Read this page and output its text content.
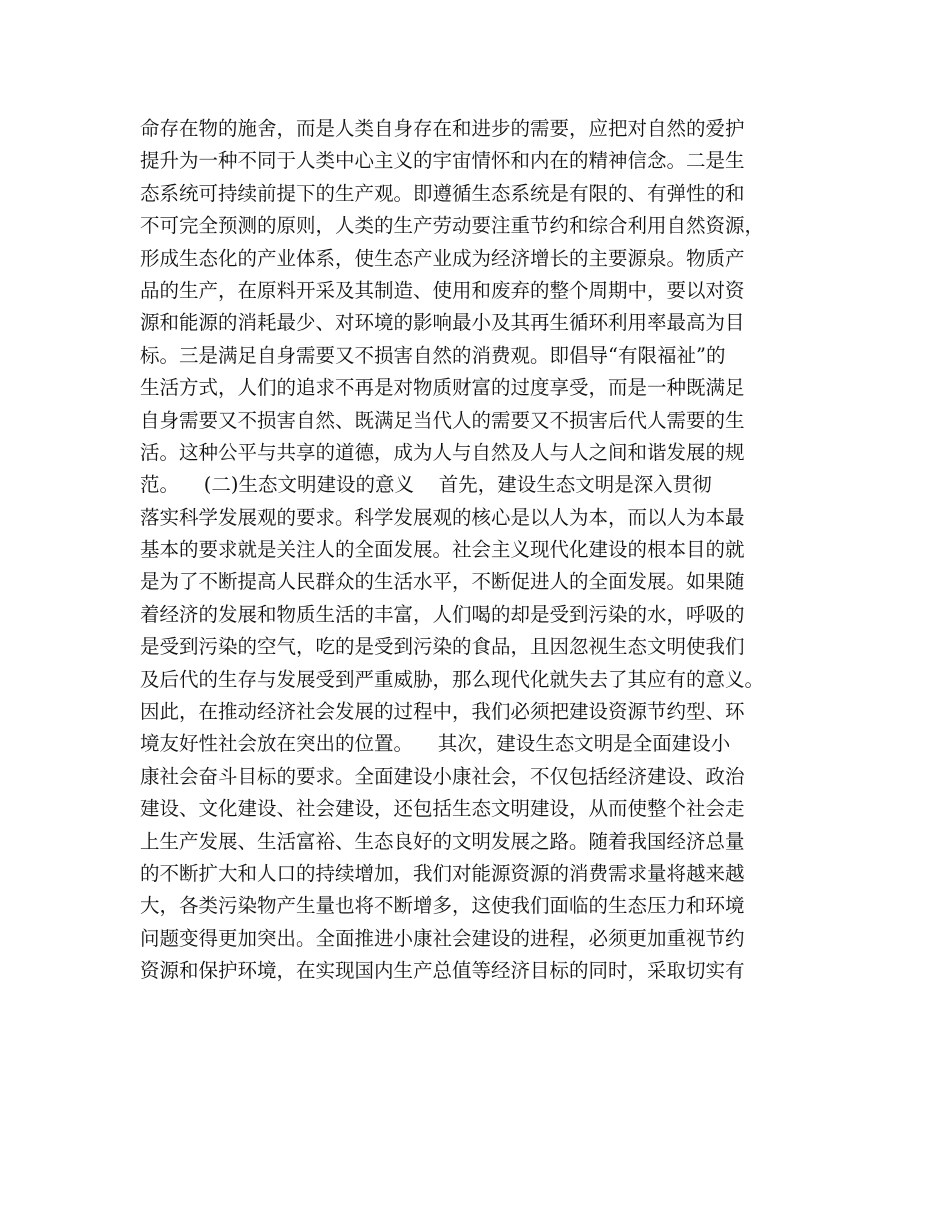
命存在物的施舍，而是人类自身存在和进步的需要，应把对自然的爱护
提升为一种不同于人类中心主义的宇宙情怀和内在的精神信念。二是生
态系统可持续前提下的生产观。即遵循生态系统是有限的、有弹性的和
不可完全预测的原则，人类的生产劳动要注重节约和综合利用自然资源，
形成生态化的产业体系，使生态产业成为经济增长的主要源泉。物质产
品的生产，在原料开采及其制造、使用和废弃的整个周期中，要以对资
源和能源的消耗最少、对环境的影响最小及其再生循环利用率最高为目
标。三是满足自身需要又不损害自然的消费观。即倡导“有限福祉”的
生活方式，人们的追求不再是对物质财富的过度享受，而是一种既满足
自身需要又不损害自然、既满足当代人的需要又不损害后代人需要的生
活。这种公平与共享的道德，成为人与自然及人与人之间和谐发展的规
范。    (二)生态文明建设的意义    首先，建设生态文明是深入贯彻
落实科学发展观的要求。科学发展观的核心是以人为本，而以人为本最
基本的要求就是关注人的全面发展。社会主义现代化建设的根本目的就
是为了不断提高人民群众的生活水平，不断促进人的全面发展。如果随
着经济的发展和物质生活的丰富，人们喝的却是受到污染的水，呼吸的
是受到污染的空气，吃的是受到污染的食品，且因忽视生态文明使我们
及后代的生存与发展受到严重威胁，那么现代化就失去了其应有的意义。
因此，在推动经济社会发展的过程中，我们必须把建设资源节约型、环
境友好性社会放在突出的位置。    其次，建设生态文明是全面建设小
康社会奋斗目标的要求。全面建设小康社会，不仅包括经济建设、政治
建设、文化建设、社会建设，还包括生态文明建设，从而使整个社会走
上生产发展、生活富裕、生态良好的文明发展之路。随着我国经济总量
的不断扩大和人口的持续增加，我们对能源资源的消费需求量将越来越
大，各类污染物产生量也将不断增多，这使我们面临的生态压力和环境
问题变得更加突出。全面推进小康社会建设的进程，必须更加重视节约
资源和保护环境，在实现国内生产总值等经济目标的同时，采取切实有
